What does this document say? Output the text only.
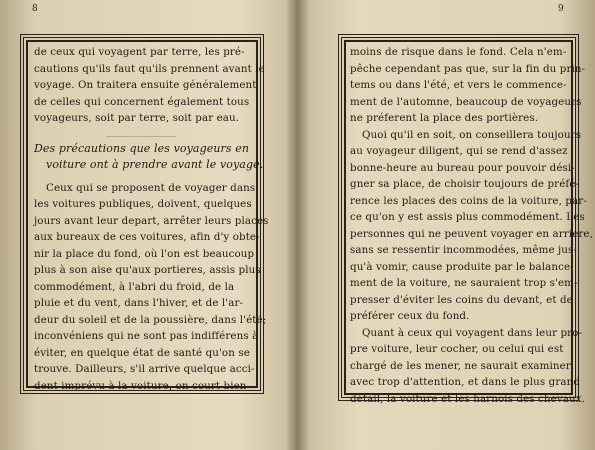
8	9
de ceux qui voyagent par terre, les pré-
cautions qu'ils faut qu'ils prennent avant le
voyage. On traitera ensuite généralement
de celles qui concernent également tous
voyageurs, soit par terre, soit par eau.
Des précautions que les voyageurs en
voiture ont à prendre avant le voyage.
Ceux qui se proposent de voyager dans
les voitures publiques, doivent, quelques
jours avant leur depart, arrêter leurs places
aux bureaux de ces voitures, afin d'y obte-
nir la place du fond, où l'on est beaucoup
plus à son aise qu'aux portieres, assis plus
commodément, à l'abri du froid, de la
pluie et du vent, dans l'hiver, et de l'ar-
deur du soleil et de la poussière, dans l'été;
inconvéniens qui ne sont pas indifférens à
éviter, en quelque état de santé qu'on se
trouve. Dailleurs, s'il arrive quelque acci-
dent imprévu à la voiture, on court bien
moins de risque dans le fond. Cela n'em-
pêche cependant pas que, sur la fin du prin-
tems ou dans l'été, et vers le commence-
ment de l'automne, beaucoup de voyageurs
ne préferent la place des portières.
Quoi qu'il en soit, on conseillera toujours
au voyageur diligent, qui se rend d'assez
bonne-heure au bureau pour pouvoir dési-
gner sa place, de choisir toujours de préfé-
rence les places des coins de la voiture, par-
ce qu'on y est assis plus commodément. Les
personnes qui ne peuvent voyager en arriere,
sans se ressentir incommodées, même jus-
qu'à vomir, cause produite par le balance-
ment de la voiture, ne sauraient trop s'em-
presser d'éviter les coins du devant, et de
préférer ceux du fond.
Quant à ceux qui voyagent dans leur pro-
pre voiture, leur cocher, ou celui qui est
chargé de les mener, ne saurait examiner
avec trop d'attention, et dans le plus grand
détail, la voiture et les harnois des chevaux.
